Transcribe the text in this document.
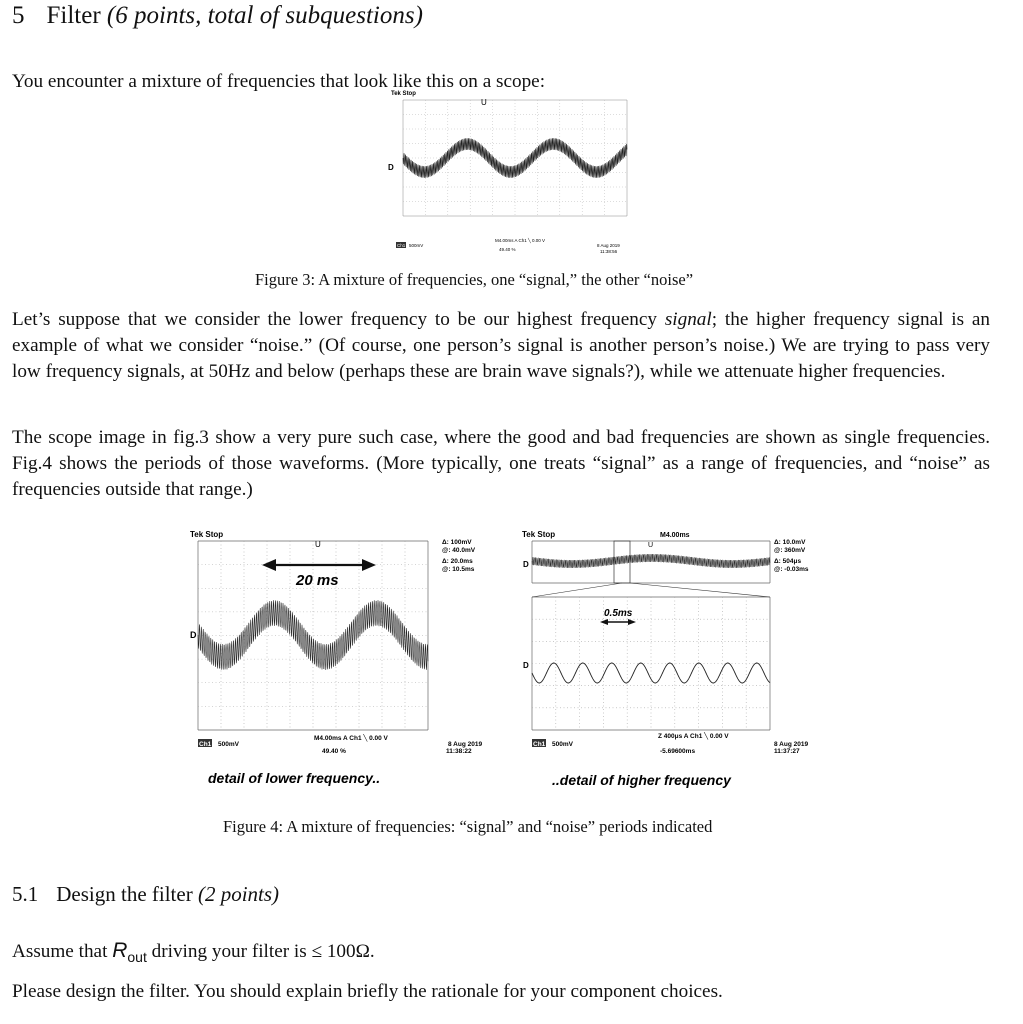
5 Filter (6 points, total of subquestions)
You encounter a mixture of frequencies that look like this on a scope:
Tek Stop
U
D
Ch1 500mV
M4.00ms A Ch1 ╲ 0.00 V
49.40 %
8 Aug 2019
11:38:56
Figure 3: A mixture of frequencies, one “signal,” the other “noise”
Let’s suppose that we consider the lower frequency to be our highest frequency signal; the higher frequency signal is an example of what we consider “noise.” (Of course, one person’s signal is another person’s noise.) We are trying to pass very low frequency signals, at 50Hz and below (perhaps these are brain wave signals?), while we attenuate higher frequencies.
The scope image in fig.3 show a very pure such case, where the good and bad frequencies are shown as single frequencies. Fig.4 shows the periods of those waveforms. (More typically, one treats “signal” as a range of frequencies, and “noise” as frequencies outside that range.)
Tek Stop
U
D
20 ms
Δ: 100mV
@: 40.0mV
Δ: 20.0ms
@: 10.5ms
Ch1 500mV
M4.00ms A Ch1 ╲ 0.00 V
49.40 %
8 Aug 2019
11:38:22
detail of lower frequency..
Tek Stop	M4.00ms
U
D
D
0.5ms
Δ: 10.0mV
@: 360mV
Δ: 504μs
@: -0.03ms
Ch1 500mV
Z 400μs A Ch1 ╲ 0.00 V
-5.69600ms
8 Aug 2019
11:37:27
..detail of higher frequency
Figure 4: A mixture of frequencies: “signal” and “noise” periods indicated
5.1 Design the filter (2 points)
Assume that $R_{out}$ driving your filter is ≤ 100Ω.
Please design the filter. You should explain briefly the rationale for your component choices.
